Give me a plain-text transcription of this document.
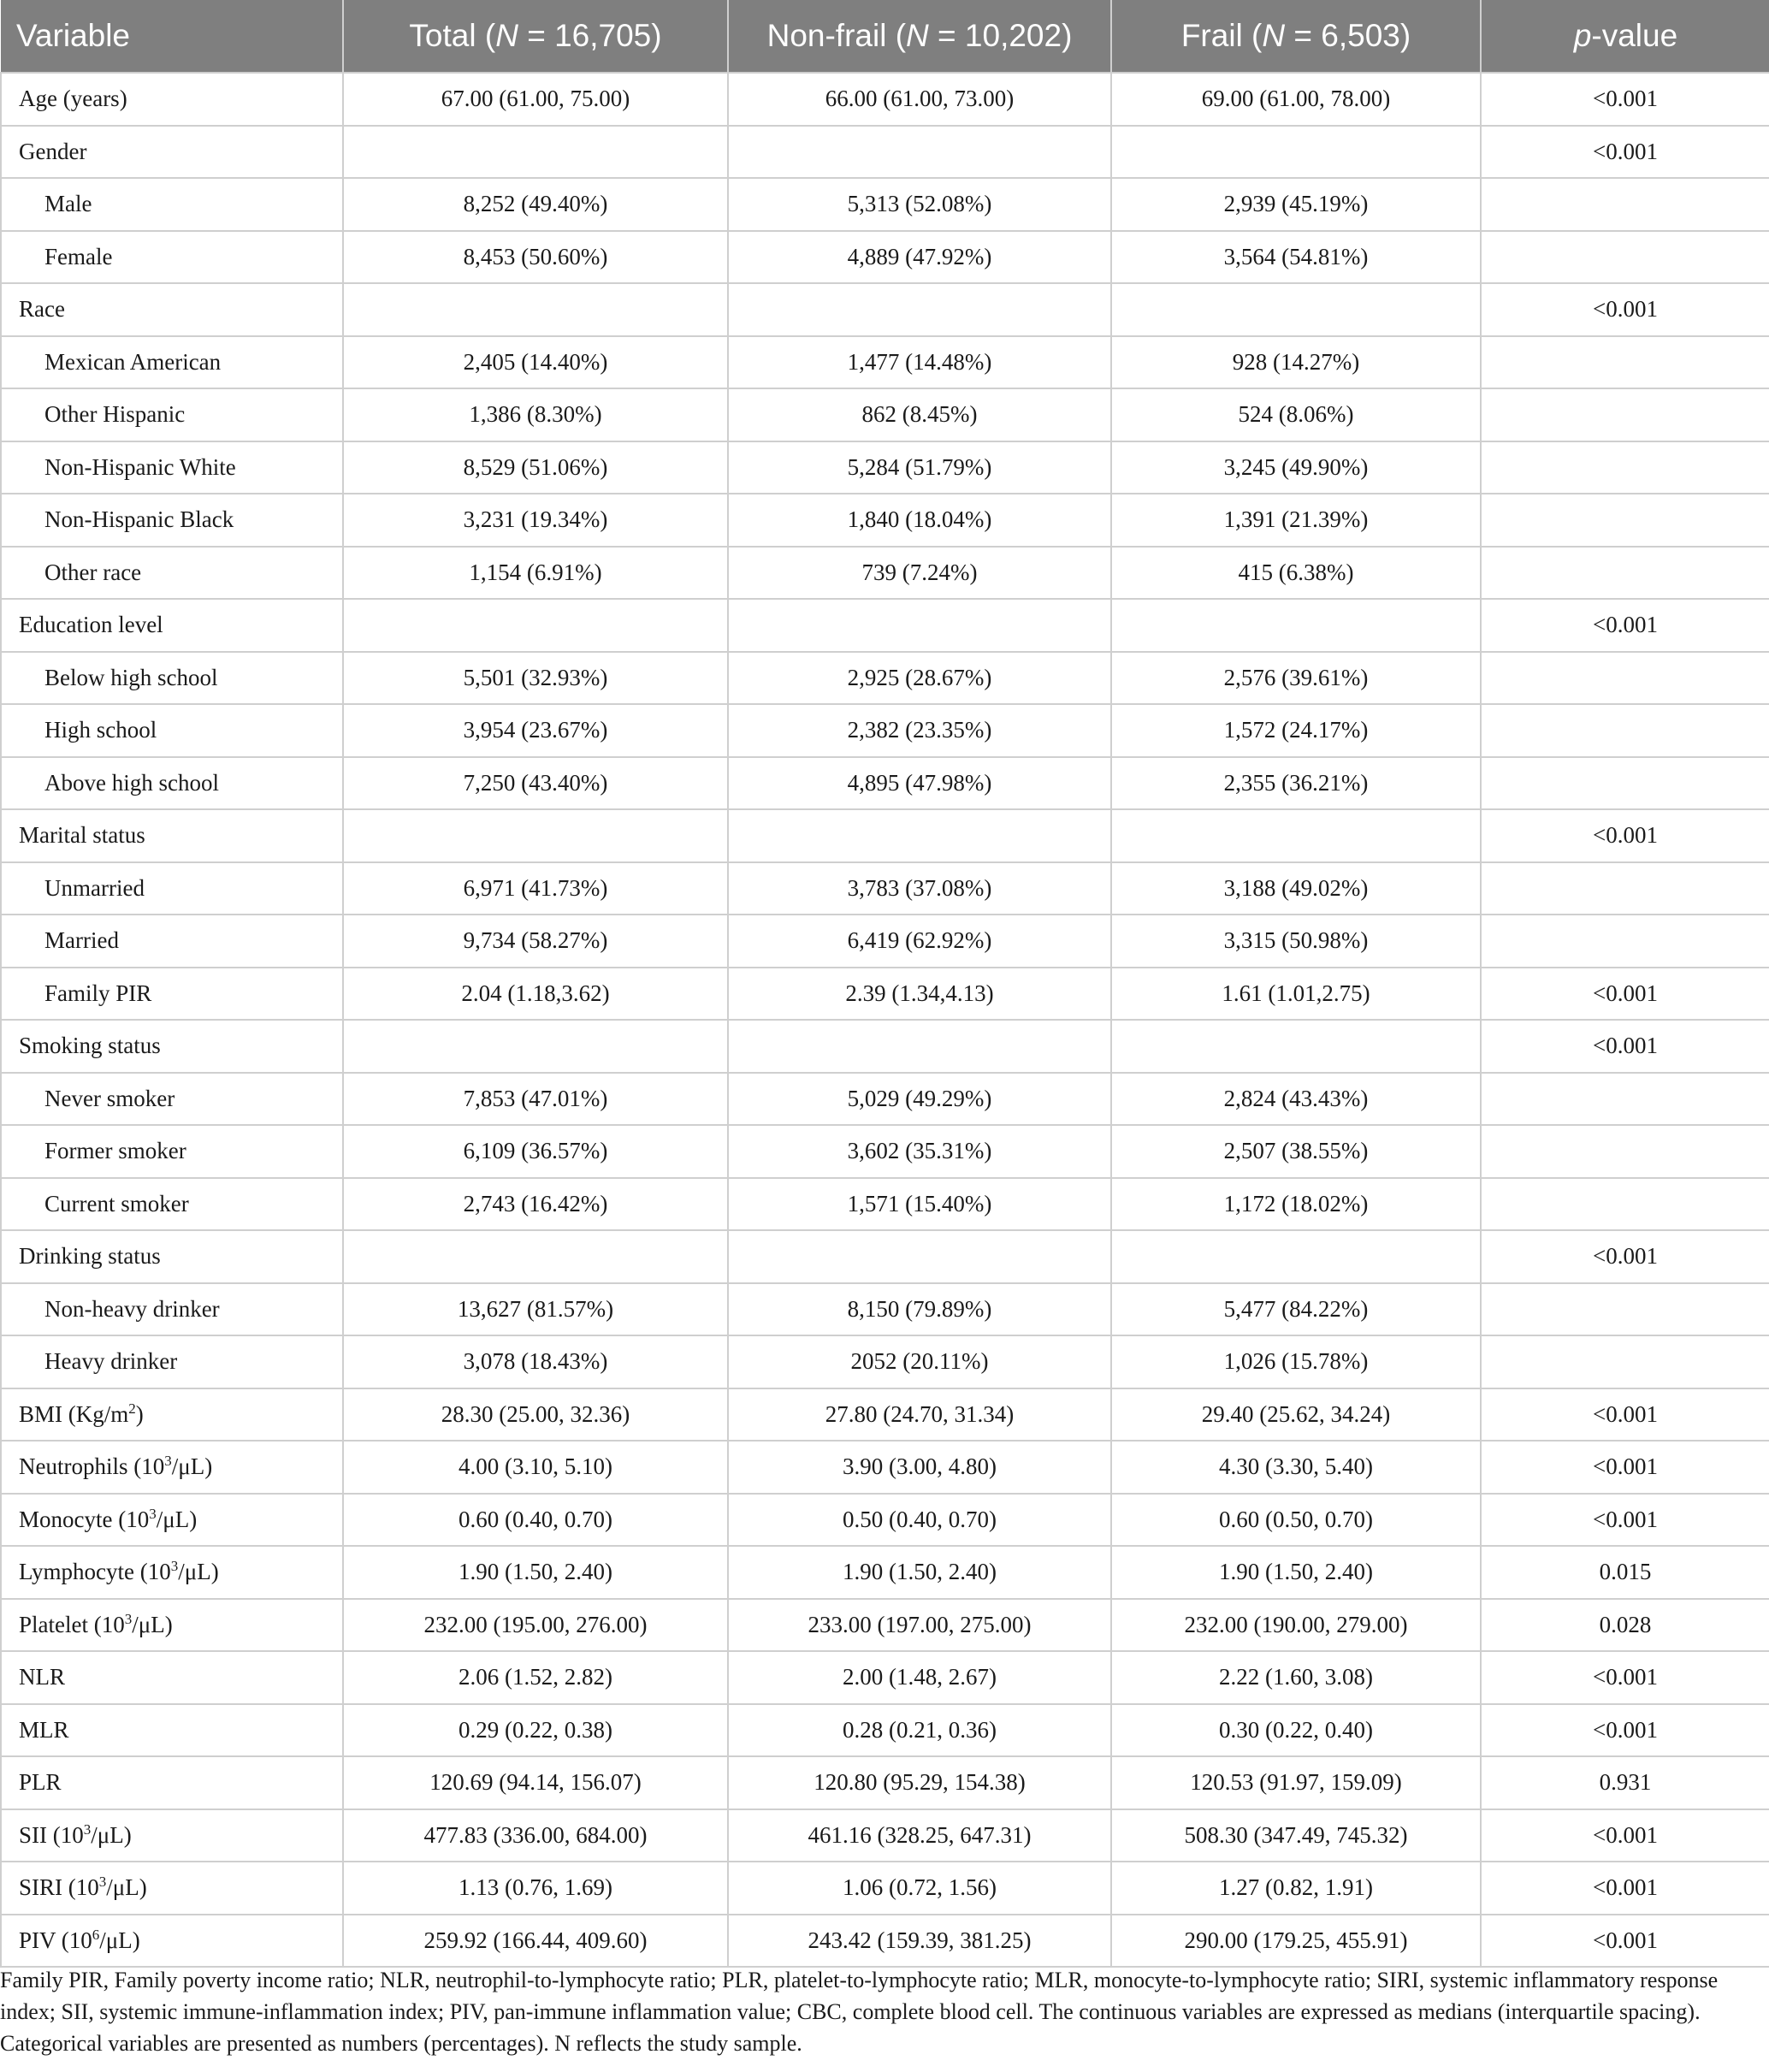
Variable	Total (N = 16,705)	Non-frail (N = 10,202)	Frail (N = 6,503)	p-value
Age (years)	67.00 (61.00, 75.00)	66.00 (61.00, 73.00)	69.00 (61.00, 78.00)	<0.001
Gender				<0.001
Male	8,252 (49.40%)	5,313 (52.08%)	2,939 (45.19%)	
Female	8,453 (50.60%)	4,889 (47.92%)	3,564 (54.81%)	
Race				<0.001
Mexican American	2,405 (14.40%)	1,477 (14.48%)	928 (14.27%)	
Other Hispanic	1,386 (8.30%)	862 (8.45%)	524 (8.06%)	
Non-Hispanic White	8,529 (51.06%)	5,284 (51.79%)	3,245 (49.90%)	
Non-Hispanic Black	3,231 (19.34%)	1,840 (18.04%)	1,391 (21.39%)	
Other race	1,154 (6.91%)	739 (7.24%)	415 (6.38%)	
Education level				<0.001
Below high school	5,501 (32.93%)	2,925 (28.67%)	2,576 (39.61%)	
High school	3,954 (23.67%)	2,382 (23.35%)	1,572 (24.17%)	
Above high school	7,250 (43.40%)	4,895 (47.98%)	2,355 (36.21%)	
Marital status				<0.001
Unmarried	6,971 (41.73%)	3,783 (37.08%)	3,188 (49.02%)	
Married	9,734 (58.27%)	6,419 (62.92%)	3,315 (50.98%)	
Family PIR	2.04 (1.18,3.62)	2.39 (1.34,4.13)	1.61 (1.01,2.75)	<0.001
Smoking status				<0.001
Never smoker	7,853 (47.01%)	5,029 (49.29%)	2,824 (43.43%)	
Former smoker	6,109 (36.57%)	3,602 (35.31%)	2,507 (38.55%)	
Current smoker	2,743 (16.42%)	1,571 (15.40%)	1,172 (18.02%)	
Drinking status				<0.001
Non-heavy drinker	13,627 (81.57%)	8,150 (79.89%)	5,477 (84.22%)	
Heavy drinker	3,078 (18.43%)	2052 (20.11%)	1,026 (15.78%)	
BMI $(Kg/m^2)$	28.30 (25.00, 32.36)	27.80 (24.70, 31.34)	29.40 (25.62, 34.24)	<0.001
Neutrophils $(10^3/\mu L)$	4.00 (3.10, 5.10)	3.90 (3.00, 4.80)	4.30 (3.30, 5.40)	<0.001
Monocyte $(10^3/\mu L)$	0.60 (0.40, 0.70)	0.50 (0.40, 0.70)	0.60 (0.50, 0.70)	<0.001
Lymphocyte $(10^3/\mu L)$	1.90 (1.50, 2.40)	1.90 (1.50, 2.40)	1.90 (1.50, 2.40)	0.015
Platelet $(10^3/\mu L)$	232.00 (195.00, 276.00)	233.00 (197.00, 275.00)	232.00 (190.00, 279.00)	0.028
NLR	2.06 (1.52, 2.82)	2.00 (1.48, 2.67)	2.22 (1.60, 3.08)	<0.001
MLR	0.29 (0.22, 0.38)	0.28 (0.21, 0.36)	0.30 (0.22, 0.40)	<0.001
PLR	120.69 (94.14, 156.07)	120.80 (95.29, 154.38)	120.53 (91.97, 159.09)	0.931
SII $(10^3/\mu L)$	477.83 (336.00, 684.00)	461.16 (328.25, 647.31)	508.30 (347.49, 745.32)	<0.001
SIRI $(10^3/\mu L)$	1.13 (0.76, 1.69)	1.06 (0.72, 1.56)	1.27 (0.82, 1.91)	<0.001
PIV $(10^6/\mu L)$	259.92 (166.44, 409.60)	243.42 (159.39, 381.25)	290.00 (179.25, 455.91)	<0.001
Family PIR, Family poverty income ratio; NLR, neutrophil-to-lymphocyte ratio; PLR, platelet-to-lymphocyte ratio; MLR, monocyte-to-lymphocyte ratio; SIRI, systemic inflammatory response index; SII, systemic immune-inflammation index; PIV, pan-immune inflammation value; CBC, complete blood cell. The continuous variables are expressed as medians (interquartile spacing). Categorical variables are presented as numbers (percentages). N reflects the study sample.
